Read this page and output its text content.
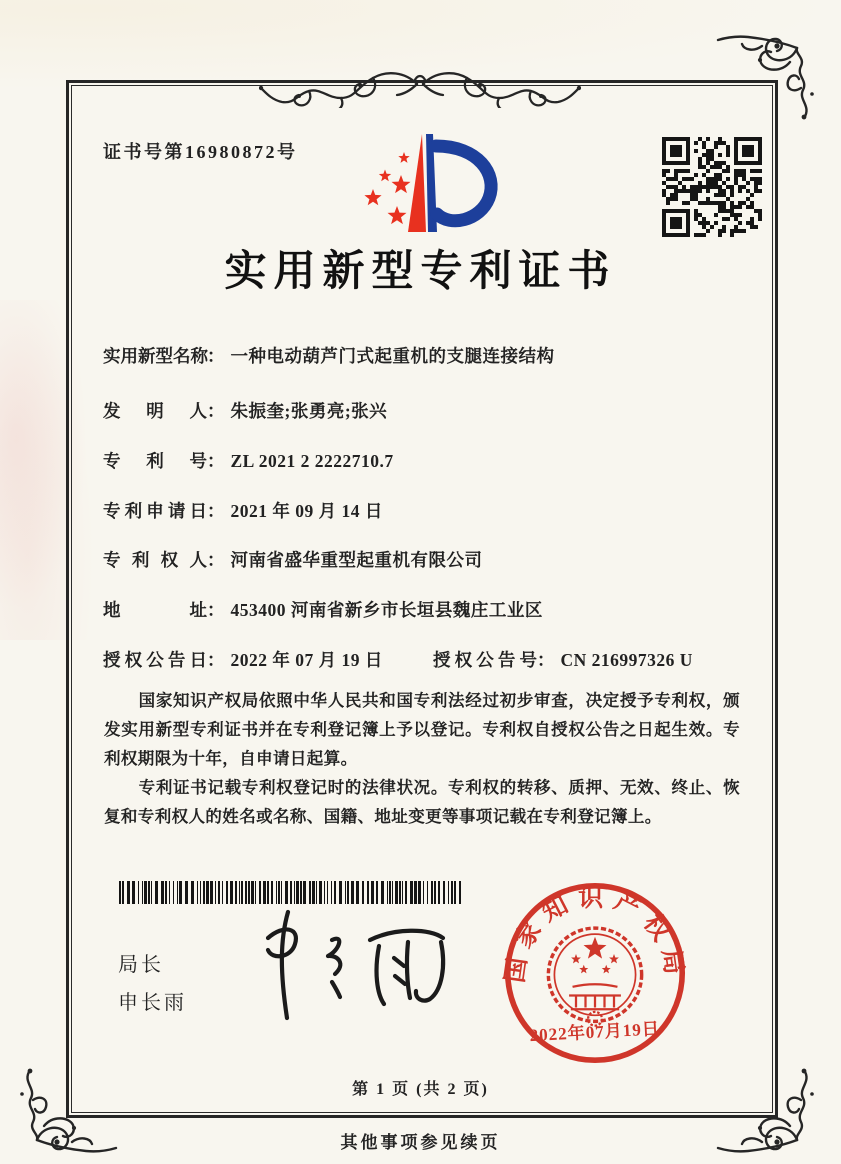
证书号第16980872号
实用新型专利证书
实用新型名称： 一种电动葫芦门式起重机的支腿连接结构
发明人： 朱振奎;张勇亮;张兴
专利号： ZL 2021 2 2222710.7
专利申请日： 2021 年 09 月 14 日
专利权人： 河南省盛华重型起重机有限公司
地址： 453400 河南省新乡市长垣县魏庄工业区
授权公告日： 2022 年 07 月 19 日	授权公告号： CN 216997326 U

国家知识产权局依照中华人民共和国专利法经过初步审查，决定授予专利权，颁发实用新型专利证书并在专利登记簿上予以登记。专利权自授权公告之日起生效。专利权期限为十年，自申请日起算。

专利证书记载专利权登记时的法律状况。专利权的转移、质押、无效、终止、恢复和专利权人的姓名或名称、国籍、地址变更等事项记载在专利登记簿上。

局长
申长雨
国家知识产权局
2022年07月19日
第 1 页 (共 2 页)
其他事项参见续页
